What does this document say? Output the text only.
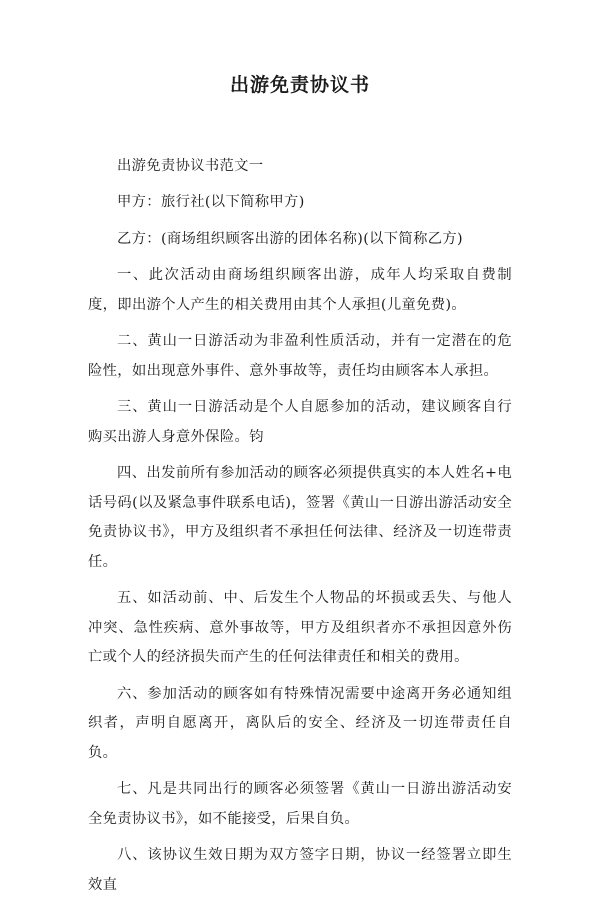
出游免责协议书

出游免责协议书范文一

甲方：旅行社(以下简称甲方)

乙方：(商场组织顾客出游的团体名称)(以下简称乙方)

一、此次活动由商场组织顾客出游，成年人均采取自费制度，即出游个人产生的相关费用由其个人承担(儿童免费)。

二、黄山一日游活动为非盈利性质活动，并有一定潜在的危险性，如出现意外事件、意外事故等，责任均由顾客本人承担。

三、黄山一日游活动是个人自愿参加的活动，建议顾客自行购买出游人身意外保险。钧

四、出发前所有参加活动的顾客必须提供真实的本人姓名+电话号码(以及紧急事件联系电话)，签署《黄山一日游出游活动安全免责协议书》，甲方及组织者不承担任何法律、经济及一切连带责任。

五、如活动前、中、后发生个人物品的坏损或丢失、与他人冲突、急性疾病、意外事故等，甲方及组织者亦不承担因意外伤亡或个人的经济损失而产生的任何法律责任和相关的费用。

六、参加活动的顾客如有特殊情况需要中途离开务必通知组织者，声明自愿离开，离队后的安全、经济及一切连带责任自负。

七、凡是共同出行的顾客必须签署《黄山一日游出游活动安全免责协议书》，如不能接受，后果自负。

八、该协议生效日期为双方签字日期，协议一经签署立即生效直
